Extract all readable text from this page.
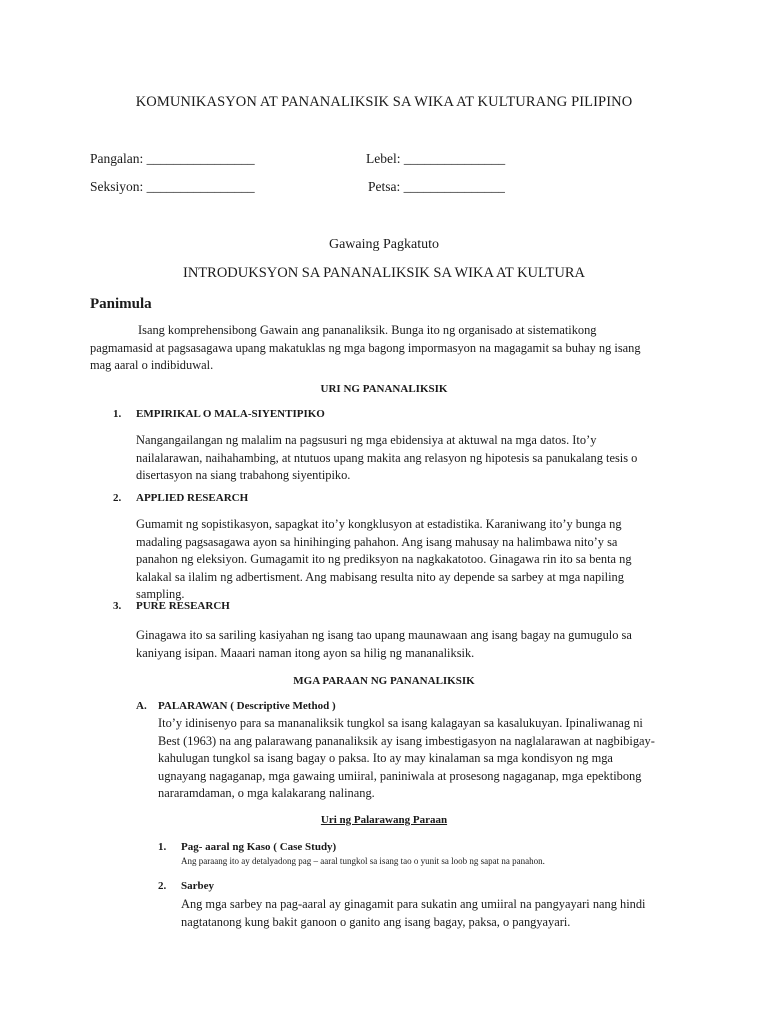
KOMUNIKASYON AT PANANALIKSIK SA WIKA AT KULTURANG PILIPINO
Pangalan: ________________	Lebel: _______________
Seksiyon: ________________	Petsa: _______________
Gawaing Pagkatuto
INTRODUKSYON SA PANANALIKSIK SA WIKA AT KULTURA
Panimula

Isang komprehensibong Gawain ang pananaliksik. Bunga ito ng organisado at sistematikong pagmamasid at pagsasagawa upang makatuklas ng mga bagong impormasyon na magagamit sa buhay ng isang mag aaral o indibiduwal.

URI NG PANANALIKSIK
1. EMPIRIKAL O MALA-SIYENTIPIKO

Nangangailangan ng malalim na pagsusuri ng mga ebidensiya at aktuwal na mga datos. Ito’y nailalarawan, naihahambing, at ntutuos upang makita ang relasyon ng hipotesis sa panukalang tesis o disertasyon na siang trabahong siyentipiko.

2. APPLIED RESEARCH

Gumamit ng sopistikasyon, sapagkat ito’y kongklusyon at estadistika. Karaniwang ito’y bunga ng madaling pagsasagawa ayon sa hinihinging pahahon. Ang isang mahusay na halimbawa nito’y sa panahon ng eleksiyon. Gumagamit ito ng prediksyon na nagkakatotoo. Ginagawa rin ito sa benta ng kalakal sa ilalim ng adbertisment. Ang mabisang resulta nito ay depende sa sarbey at mga napiling sampling.

3. PURE RESEARCH

Ginagawa ito sa sariling kasiyahan ng isang tao upang maunawaan ang isang bagay na gumugulo sa kaniyang isipan. Maaari naman itong ayon sa hilig ng mananaliksik.

MGA PARAAN NG PANANALIKSIK
A. PALARAWAN ( Descriptive Method )

Ito’y idinisenyo para sa mananaliksik tungkol sa isang kalagayan sa kasalukuyan. Ipinaliwanag ni Best (1963) na ang palarawang pananaliksik ay isang imbestigasyon na naglalarawan at nagbibigay-kahulugan tungkol sa isang bagay o paksa. Ito ay may kinalaman sa mga kondisyon ng mga ugnayang nagaganap, mga gawaing umiiral, paniniwala at prosesong nagaganap, mga epektibong nararamdaman, o mga kalakarang nalinang.

Uri ng Palarawang Paraan
1. Pag- aaral ng Kaso ( Case Study)
Ang paraang ito ay detalyadong pag – aaral tungkol sa isang tao o yunit sa loob ng sapat na panahon.
2. Sarbey

Ang mga sarbey na pag-aaral ay ginagamit para sukatin ang umiiral na pangyayari nang hindi nagtatanong kung bakit ganoon o ganito ang isang bagay, paksa, o pangyayari.
